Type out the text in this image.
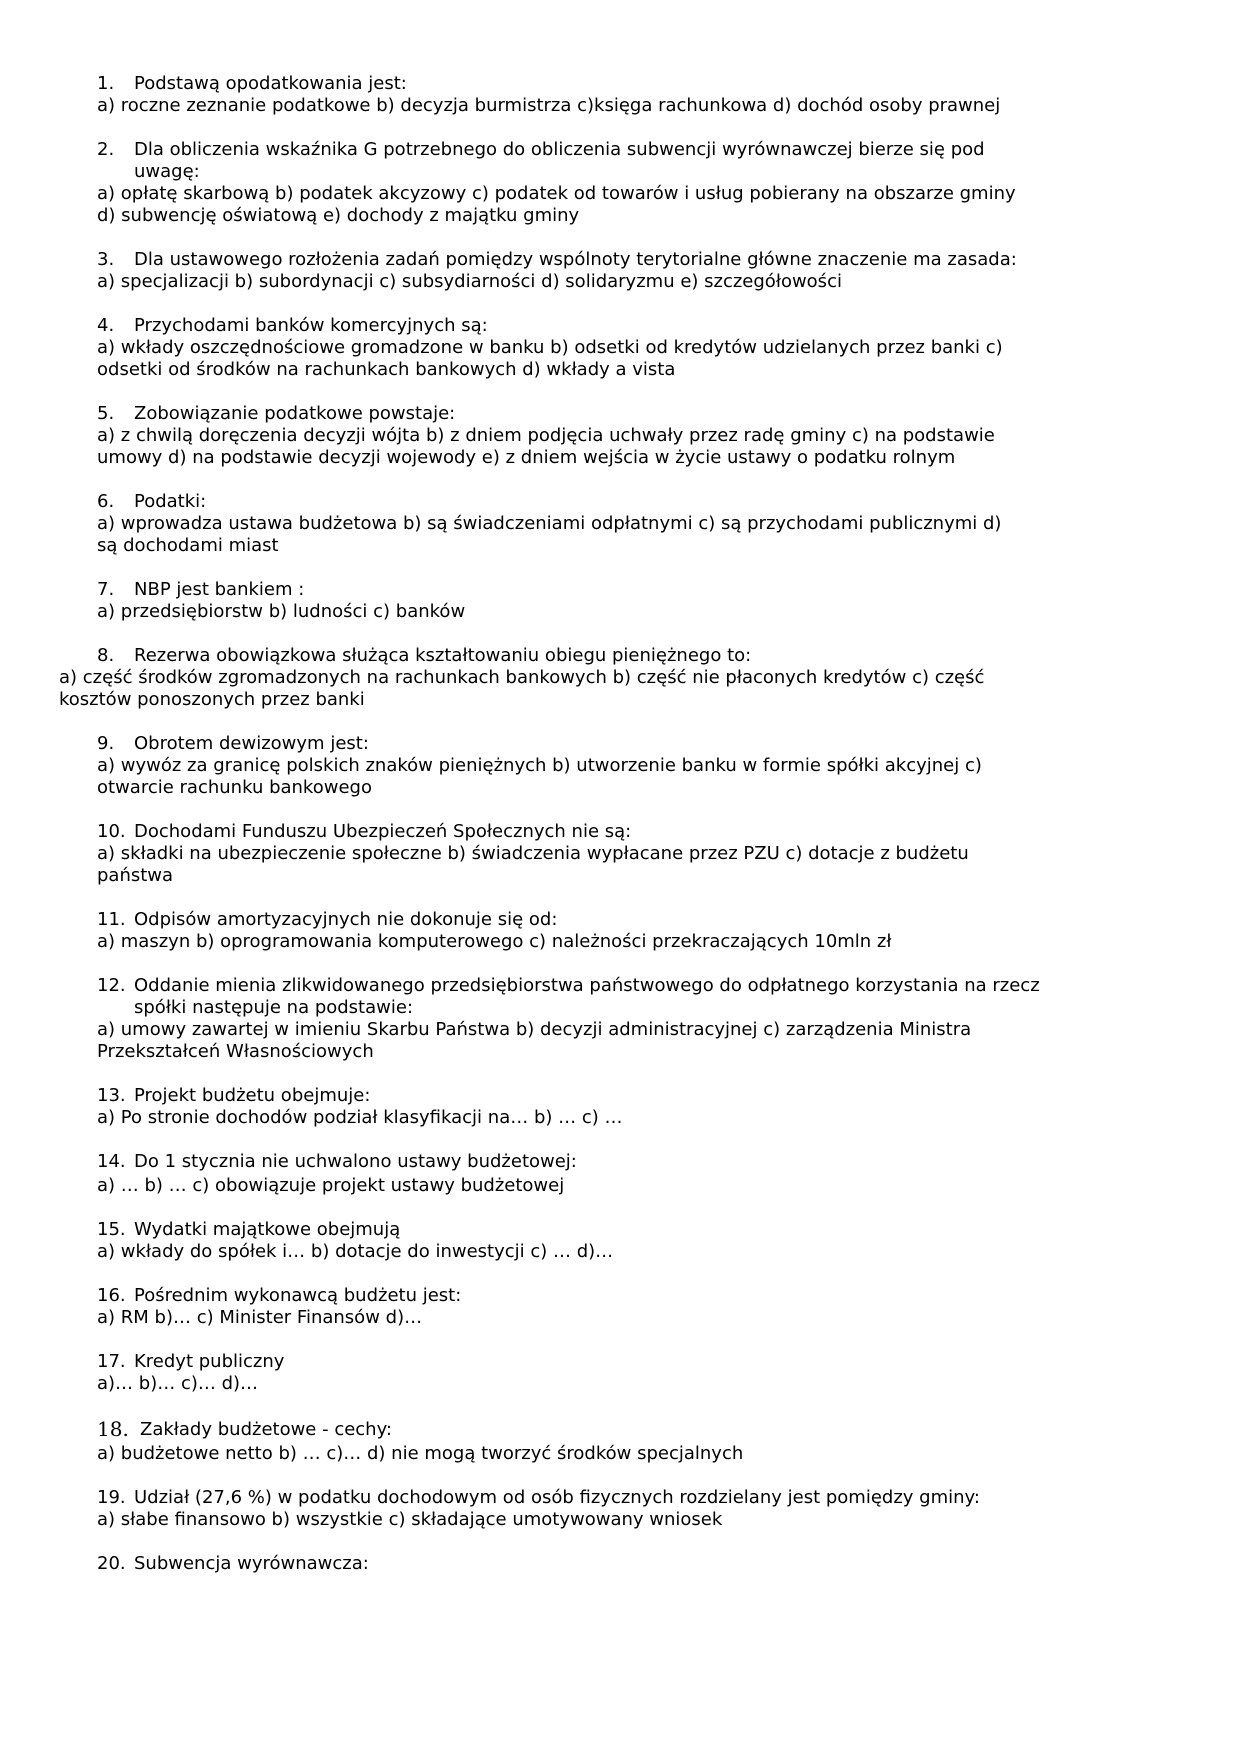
1. Podstawą opodatkowania jest:
a) roczne zeznanie podatkowe b) decyzja burmistrza c)księga rachunkowa d) dochód osoby prawnej
2. Dla obliczenia wskaźnika G potrzebnego do obliczenia subwencji wyrównawczej bierze się pod
uwagę:
a) opłatę skarbową b) podatek akcyzowy c) podatek od towarów i usług pobierany na obszarze gminy
d) subwencję oświatową e) dochody z majątku gminy
3. Dla ustawowego rozłożenia zadań pomiędzy wspólnoty terytorialne główne znaczenie ma zasada:
a) specjalizacji b) subordynacji c) subsydiarności d) solidaryzmu e) szczegółowości
4. Przychodami banków komercyjnych są:
a) wkłady oszczędnościowe gromadzone w banku b) odsetki od kredytów udzielanych przez banki c)
odsetki od środków na rachunkach bankowych d) wkłady a vista
5. Zobowiązanie podatkowe powstaje:
a) z chwilą doręczenia decyzji wójta b) z dniem podjęcia uchwały przez radę gminy c) na podstawie
umowy d) na podstawie decyzji wojewody e) z dniem wejścia w życie ustawy o podatku rolnym
6. Podatki:
a) wprowadza ustawa budżetowa b) są świadczeniami odpłatnymi c) są przychodami publicznymi d)
są dochodami miast
7. NBP jest bankiem :
a) przedsiębiorstw b) ludności c) banków
8. Rezerwa obowiązkowa służąca kształtowaniu obiegu pieniężnego to:
a) część środków zgromadzonych na rachunkach bankowych b) część nie płaconych kredytów c) część
kosztów ponoszonych przez banki
9. Obrotem dewizowym jest:
a) wywóz za granicę polskich znaków pieniężnych b) utworzenie banku w formie spółki akcyjnej c)
otwarcie rachunku bankowego
10. Dochodami Funduszu Ubezpieczeń Społecznych nie są:
a) składki na ubezpieczenie społeczne b) świadczenia wypłacane przez PZU c) dotacje z budżetu
państwa
11. Odpisów amortyzacyjnych nie dokonuje się od:
a) maszyn b) oprogramowania komputerowego c) należności przekraczających 10mln zł
12. Oddanie mienia zlikwidowanego przedsiębiorstwa państwowego do odpłatnego korzystania na rzecz
spółki następuje na podstawie:
a) umowy zawartej w imieniu Skarbu Państwa b) decyzji administracyjnej c) zarządzenia Ministra
Przekształceń Własnościowych
13. Projekt budżetu obejmuje:
a) Po stronie dochodów podział klasyfikacji na… b) … c) …
14. Do 1 stycznia nie uchwalono ustawy budżetowej:
a) … b) … c) obowiązuje projekt ustawy budżetowej
15. Wydatki majątkowe obejmują
a) wkłady do spółek i… b) dotacje do inwestycji c) … d)…
16. Pośrednim wykonawcą budżetu jest:
a) RM b)… c) Minister Finansów d)…
17. Kredyt publiczny
a)… b)… c)… d)…
18. Zakłady budżetowe - cechy:
a) budżetowe netto b) … c)… d) nie mogą tworzyć środków specjalnych
19. Udział (27,6 %) w podatku dochodowym od osób fizycznych rozdzielany jest pomiędzy gminy:
a) słabe finansowo b) wszystkie c) składające umotywowany wniosek
20. Subwencja wyrównawcza:
